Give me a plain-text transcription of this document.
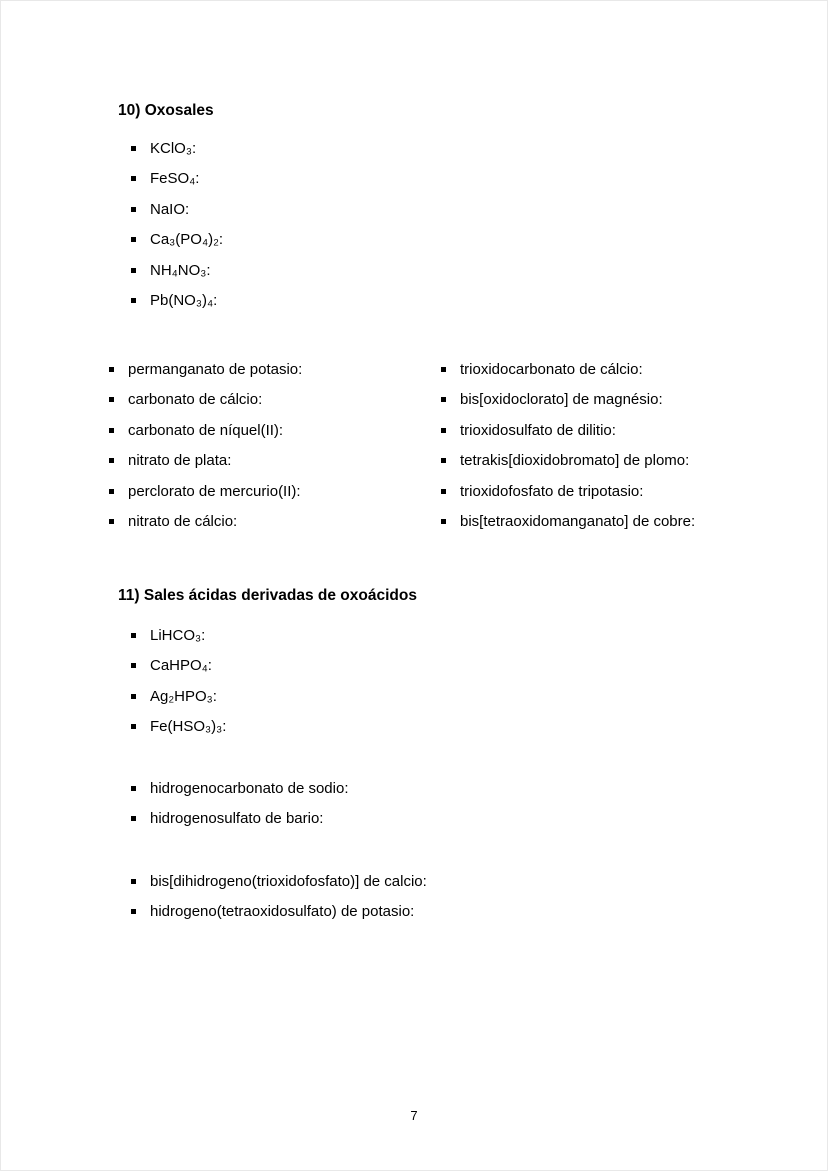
10) Oxosales
KClO₃:
FeSO₄:
NaIO:
Ca₃(PO₄)₂:
NH₄NO₃:
Pb(NO₃)₄:
permanganato de potasio:
carbonato de cálcio:
carbonato de níquel(II):
nitrato de plata:
perclorato de mercurio(II):
nitrato de cálcio:
trioxidocarbonato de cálcio:
bis[oxidoclorato] de magnésio:
trioxidosulfato de dilitio:
tetrakis[dioxidobromato] de plomo:
trioxidofosfato de tripotasio:
bis[tetraoxidomanganato] de cobre:
11) Sales ácidas derivadas de oxoácidos
LiHCO₃:
CaHPO₄:
Ag₂HPO₃:
Fe(HSO₃)₃:
hidrogenocarbonato de sodio:
hidrogenosulfato de bario:
bis[dihidrogeno(trioxidofosfato)] de calcio:
hidrogeno(tetraoxidosulfato) de potasio:
7
